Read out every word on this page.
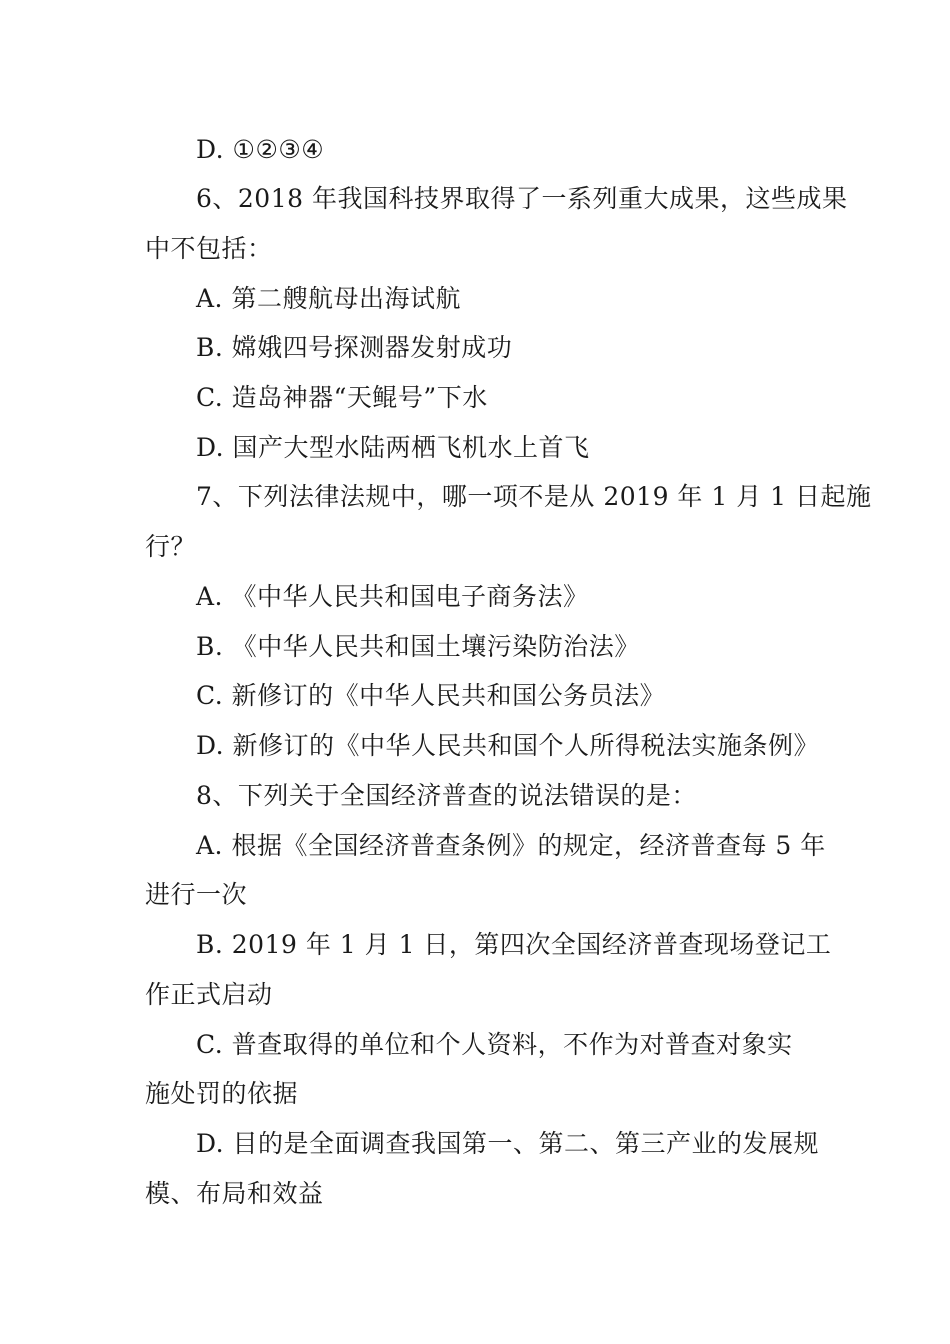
D. ①②③④
6、2018 年我国科技界取得了一系列重大成果，这些成果
中不包括：
A. 第二艘航母出海试航
B. 嫦娥四号探测器发射成功
C. 造岛神器“天鲲号”下水
D. 国产大型水陆两栖飞机水上首飞
7、下列法律法规中，哪一项不是从 2019 年 1 月 1 日起施
行？
A. 《中华人民共和国电子商务法》
B. 《中华人民共和国土壤污染防治法》
C. 新修订的《中华人民共和国公务员法》
D. 新修订的《中华人民共和国个人所得税法实施条例》
8、下列关于全国经济普查的说法错误的是：
A. 根据《全国经济普查条例》的规定，经济普查每 5 年
进行一次
B. 2019 年 1 月 1 日，第四次全国经济普查现场登记工
作正式启动
C. 普查取得的单位和个人资料，不作为对普查对象实
施处罚的依据
D. 目的是全面调查我国第一、第二、第三产业的发展规
模、布局和效益
